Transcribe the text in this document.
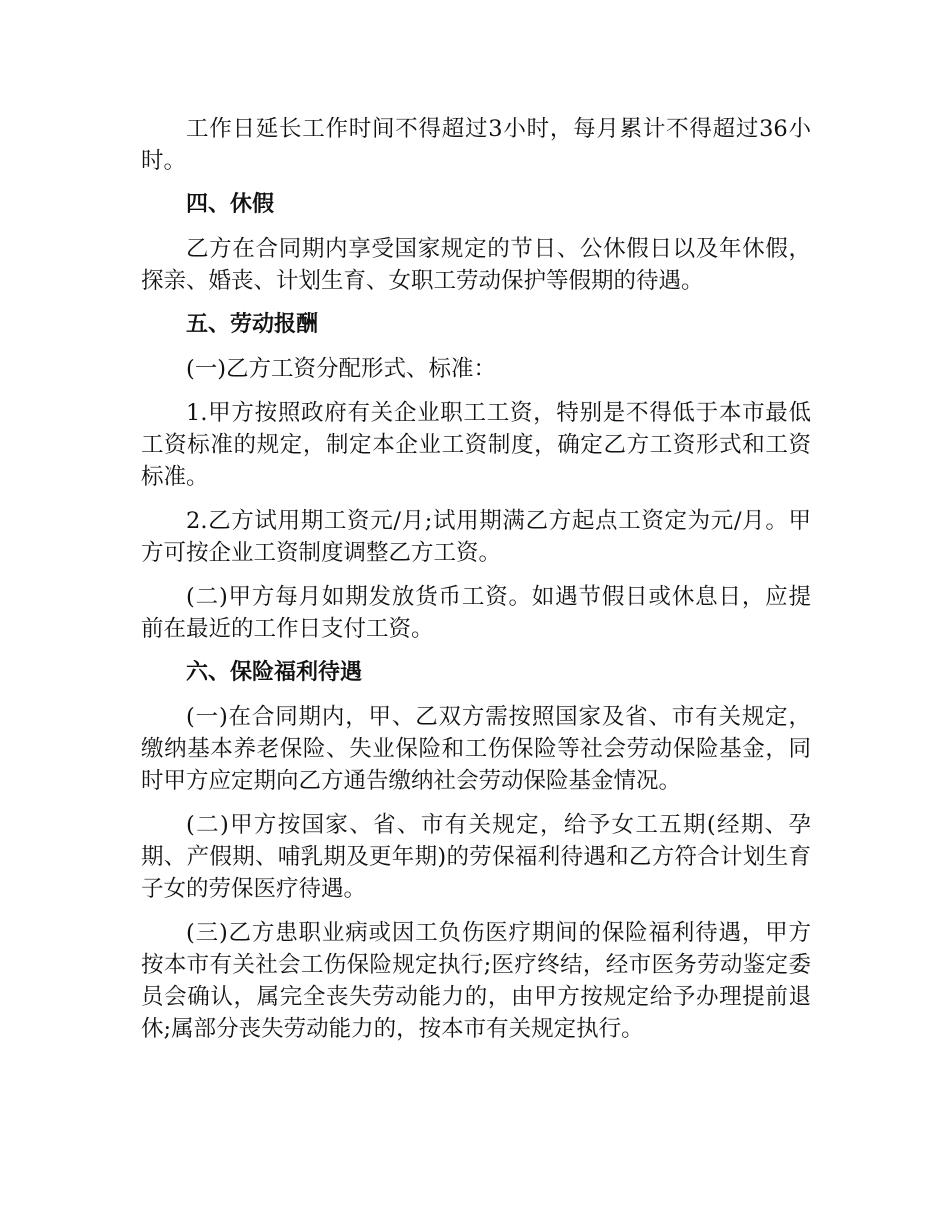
工作日延长工作时间不得超过3小时，每月累计不得超过36小时。

四、休假

乙方在合同期内享受国家规定的节日、公休假日以及年休假，探亲、婚丧、计划生育、女职工劳动保护等假期的待遇。

五、劳动报酬

(一)乙方工资分配形式、标准：

1.甲方按照政府有关企业职工工资，特别是不得低于本市最低工资标准的规定，制定本企业工资制度，确定乙方工资形式和工资标准。

2.乙方试用期工资元/月;试用期满乙方起点工资定为元/月。甲方可按企业工资制度调整乙方工资。

(二)甲方每月如期发放货币工资。如遇节假日或休息日，应提前在最近的工作日支付工资。

六、保险福利待遇

(一)在合同期内，甲、乙双方需按照国家及省、市有关规定，缴纳基本养老保险、失业保险和工伤保险等社会劳动保险基金，同时甲方应定期向乙方通告缴纳社会劳动保险基金情况。

(二)甲方按国家、省、市有关规定，给予女工五期(经期、孕期、产假期、哺乳期及更年期)的劳保福利待遇和乙方符合计划生育子女的劳保医疗待遇。

(三)乙方患职业病或因工负伤医疗期间的保险福利待遇，甲方按本市有关社会工伤保险规定执行;医疗终结，经市医务劳动鉴定委员会确认，属完全丧失劳动能力的，由甲方按规定给予办理提前退休;属部分丧失劳动能力的，按本市有关规定执行。
